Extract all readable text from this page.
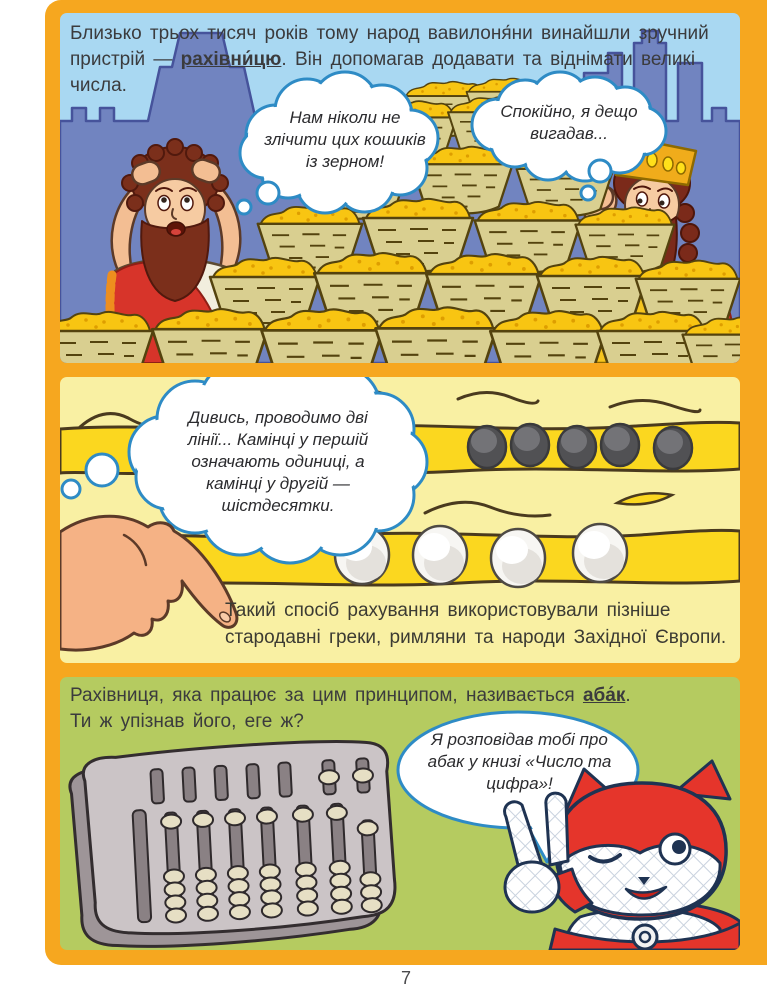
Близько трьох тисяч років тому народ вавилоня́ни винайшли зручний пристрій — рахівни́цю. Він допомагав додавати та віднімати великі числа.

Нам ніколи не злічити цих кошиків із зерном!
Спокійно, я дещо вигадав...
Дивись, проводимо дві лінії... Камінці у першій означають одиниці, а камінці у другій — шістдесятки.
Такий спосіб рахування використовували пізніше
стародавні греки, римляни та народи Західної Європи.

Рахівниця, яка працює за цим принципом, називається аба́к.
Ти ж упізнав його, еге ж?

Я розповідав тобі про абак у книзі «Число та цифра»!
7
